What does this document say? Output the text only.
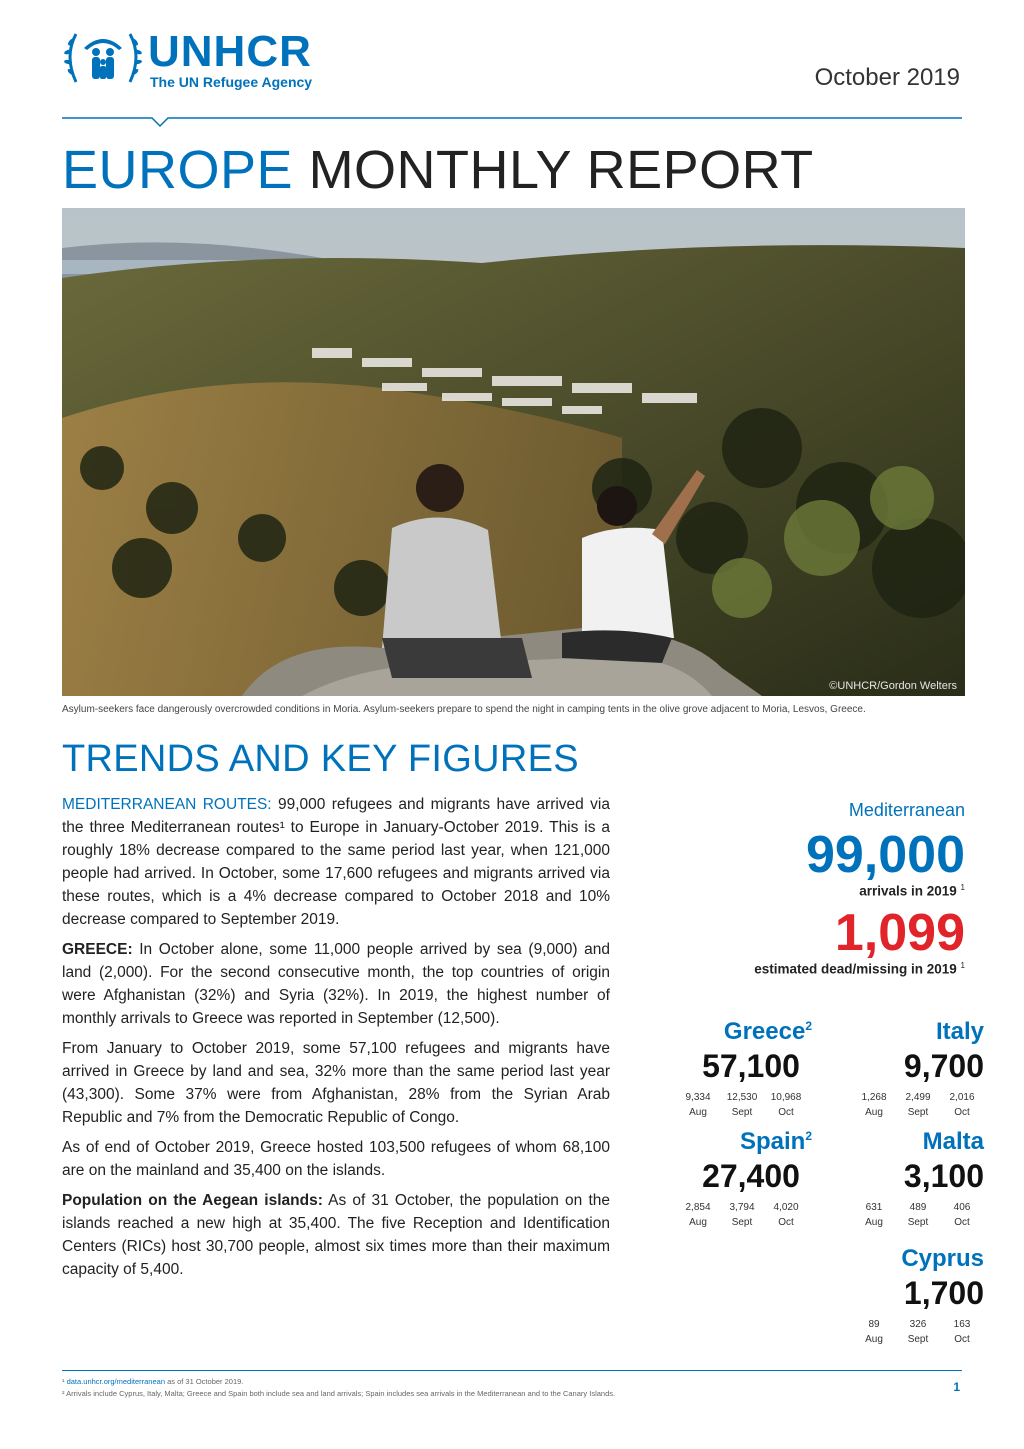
UNHCR
The UN Refugee Agency	October 2019
EUROPE MONTHLY REPORT
©UNHCR/Gordon Welters
Asylum-seekers face dangerously overcrowded conditions in Moria. Asylum-seekers prepare to spend the night in camping tents in the olive grove adjacent to Moria, Lesvos, Greece.
TRENDS AND KEY FIGURES

MEDITERRANEAN ROUTES: 99,000 refugees and migrants have arrived via the three Mediterranean routes¹ to Europe in January-October 2019. This is a roughly 18% decrease compared to the same period last year, when 121,000 people had arrived. In October, some 17,600 refugees and migrants arrived via these routes, which is a 4% decrease compared to October 2018 and 10% decrease compared to September 2019.

GREECE: In October alone, some 11,000 people arrived by sea (9,000) and land (2,000). For the second consecutive month, the top countries of origin were Afghanistan (32%) and Syria (32%). In 2019, the highest number of monthly arrivals to Greece was reported in September (12,500).

From January to October 2019, some 57,100 refugees and migrants have arrived in Greece by land and sea, 32% more than the same period last year (43,300). Some 37% were from Afghanistan, 28% from the Syrian Arab Republic and 7% from the Democratic Republic of Congo.

As of end of October 2019, Greece hosted 103,500 refugees of whom 68,100 are on the mainland and 35,400 on the islands.

Population on the Aegean islands: As of 31 October, the population on the islands reached a new high at 35,400. The five Reception and Identification Centers (RICs) host 30,700 people, almost six times more than their maximum capacity of 5,400.

Mediterranean
99,000
arrivals in 2019 $^1$
1,099
estimated dead/missing in 2019 $^1$
Greece$^2$
57,100
9,334
Aug
12,530
Sept
10,968
Oct
Italy
9,700
1,268
Aug
2,499
Sept
2,016
Oct
Spain$^2$
27,400
2,854
Aug
3,794
Sept
4,020
Oct
Malta
3,100
631
Aug
489
Sept
406
Oct
Cyprus
1,700
89
Aug
326
Sept
163
Oct
¹ data.unhcr.org/mediterranean as of 31 October 2019.
² Arrivals include Cyprus, Italy, Malta; Greece and Spain both include sea and land arrivals; Spain includes sea arrivals in the Mediterranean and to the Canary Islands.	1
